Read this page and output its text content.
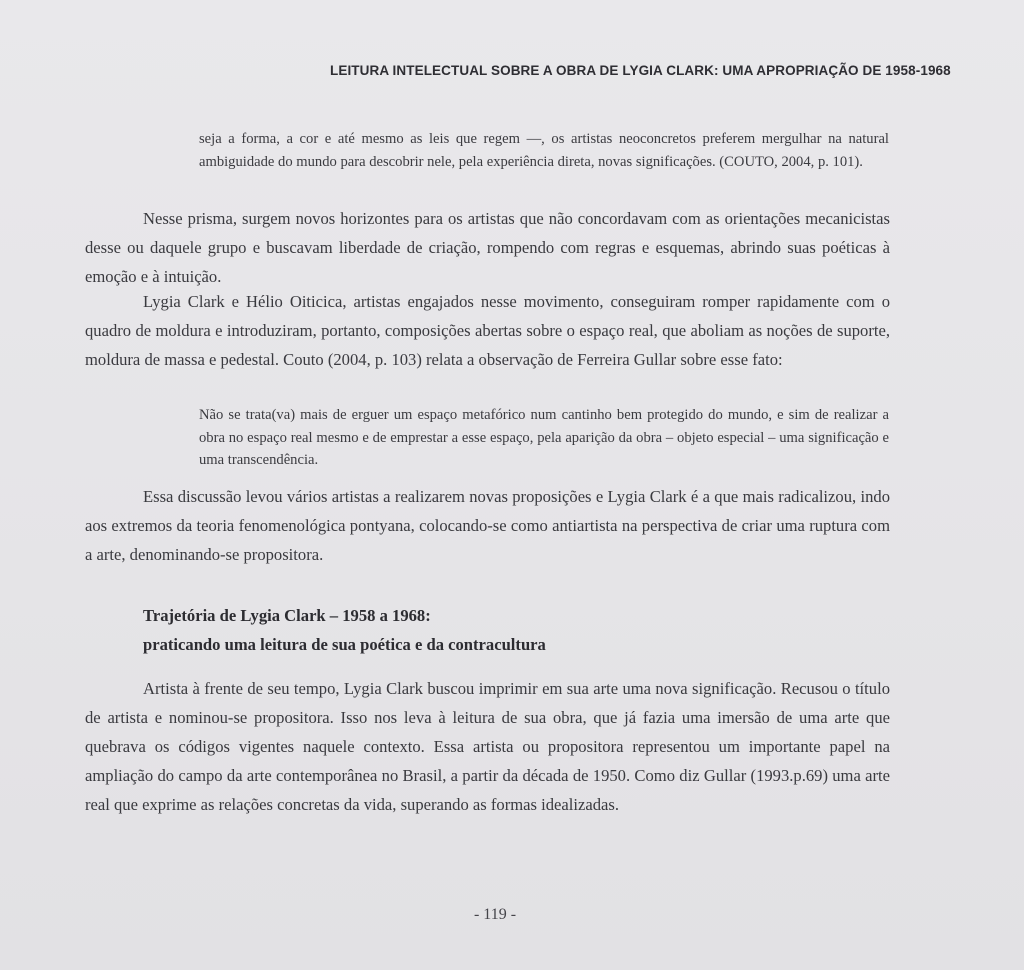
LEITURA INTELECTUAL SOBRE A OBRA DE LYGIA CLARK: UMA APROPRIAÇÃO DE 1958-1968
seja a forma, a cor e até mesmo as leis que regem —, os artistas neoconcretos preferem mergulhar na natural ambiguidade do mundo para descobrir nele, pela experiência direta, novas significações. (COUTO, 2004, p. 101).

Nesse prisma, surgem novos horizontes para os artistas que não concordavam com as orientações mecanicistas desse ou daquele grupo e buscavam liberdade de criação, rompendo com regras e esquemas, abrindo suas poéticas à emoção e à intuição.

Lygia Clark e Hélio Oiticica, artistas engajados nesse movimento, conseguiram romper rapidamente com o quadro de moldura e introduziram, portanto, composições abertas sobre o espaço real, que aboliam as noções de suporte, moldura de massa e pedestal. Couto (2004, p. 103) relata a observação de Ferreira Gullar sobre esse fato:

Não se trata(va) mais de erguer um espaço metafórico num cantinho bem protegido do mundo, e sim de realizar a obra no espaço real mesmo e de emprestar a esse espaço, pela aparição da obra – objeto especial – uma significação e uma transcendência.

Essa discussão levou vários artistas a realizarem novas proposições e Lygia Clark é a que mais radicalizou, indo aos extremos da teoria fenomenológica pontyana, colocando-se como antiartista na perspectiva de criar uma ruptura com a arte, denominando-se propositora.

Trajetória de Lygia Clark – 1958 a 1968:
praticando uma leitura de sua poética e da contracultura

Artista à frente de seu tempo, Lygia Clark buscou imprimir em sua arte uma nova significação. Recusou o título de artista e nominou-se propositora. Isso nos leva à leitura de sua obra, que já fazia uma imersão de uma arte que quebrava os códigos vigentes naquele contexto. Essa artista ou propositora representou um importante papel na ampliação do campo da arte contemporânea no Brasil, a partir da década de 1950. Como diz Gullar (1993.p.69) uma arte real que exprime as relações concretas da vida, superando as formas idealizadas.

- 119 -
